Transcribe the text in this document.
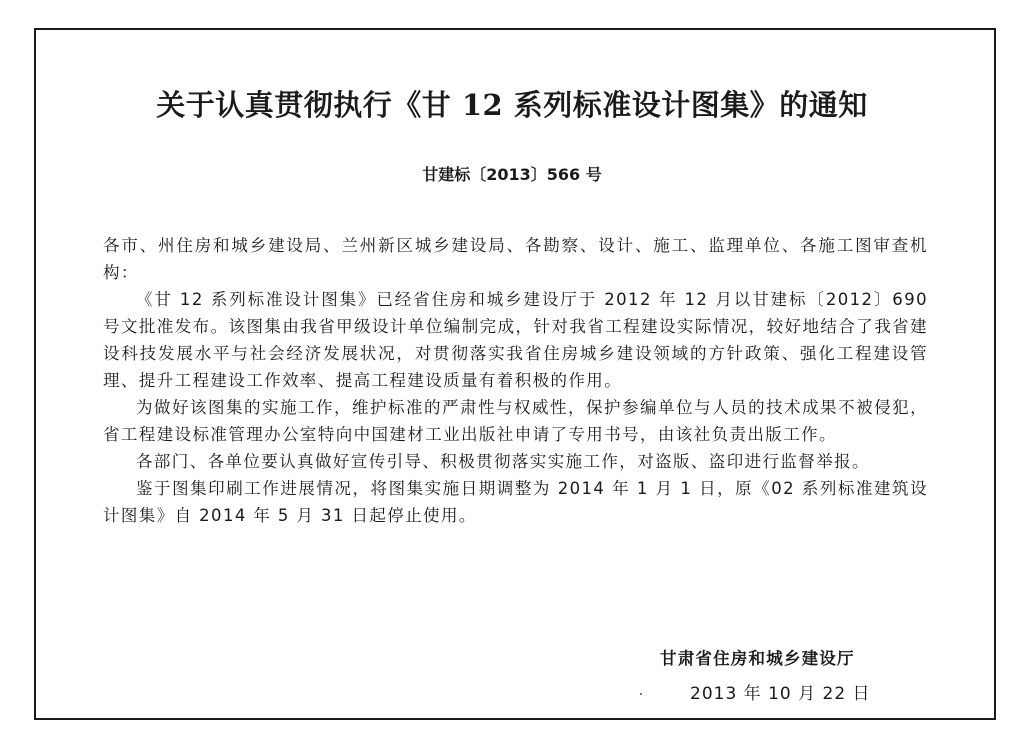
关于认真贯彻执行《甘 12 系列标准设计图集》的通知

甘建标〔2013〕566 号

各市、州住房和城乡建设局、兰州新区城乡建设局、各勘察、设计、施工、监理单位、各施工图审查机构：

《甘 12 系列标准设计图集》已经省住房和城乡建设厅于 2012 年 12 月以甘建标〔2012〕690 号文批准发布。该图集由我省甲级设计单位编制完成，针对我省工程建设实际情况，较好地结合了我省建设科技发展水平与社会经济发展状况，对贯彻落实我省住房城乡建设领域的方针政策、强化工程建设管理、提升工程建设工作效率、提高工程建设质量有着积极的作用。

为做好该图集的实施工作，维护标准的严肃性与权威性，保护参编单位与人员的技术成果不被侵犯，省工程建设标准管理办公室特向中国建材工业出版社申请了专用书号，由该社负责出版工作。

各部门、各单位要认真做好宣传引导、积极贯彻落实实施工作，对盗版、盗印进行监督举报。

鉴于图集印刷工作进展情况，将图集实施日期调整为 2014 年 1 月 1 日，原《02 系列标准建筑设计图集》自 2014 年 5 月 31 日起停止使用。

甘肃省住房和城乡建设厅

2013 年 10 月 22 日
